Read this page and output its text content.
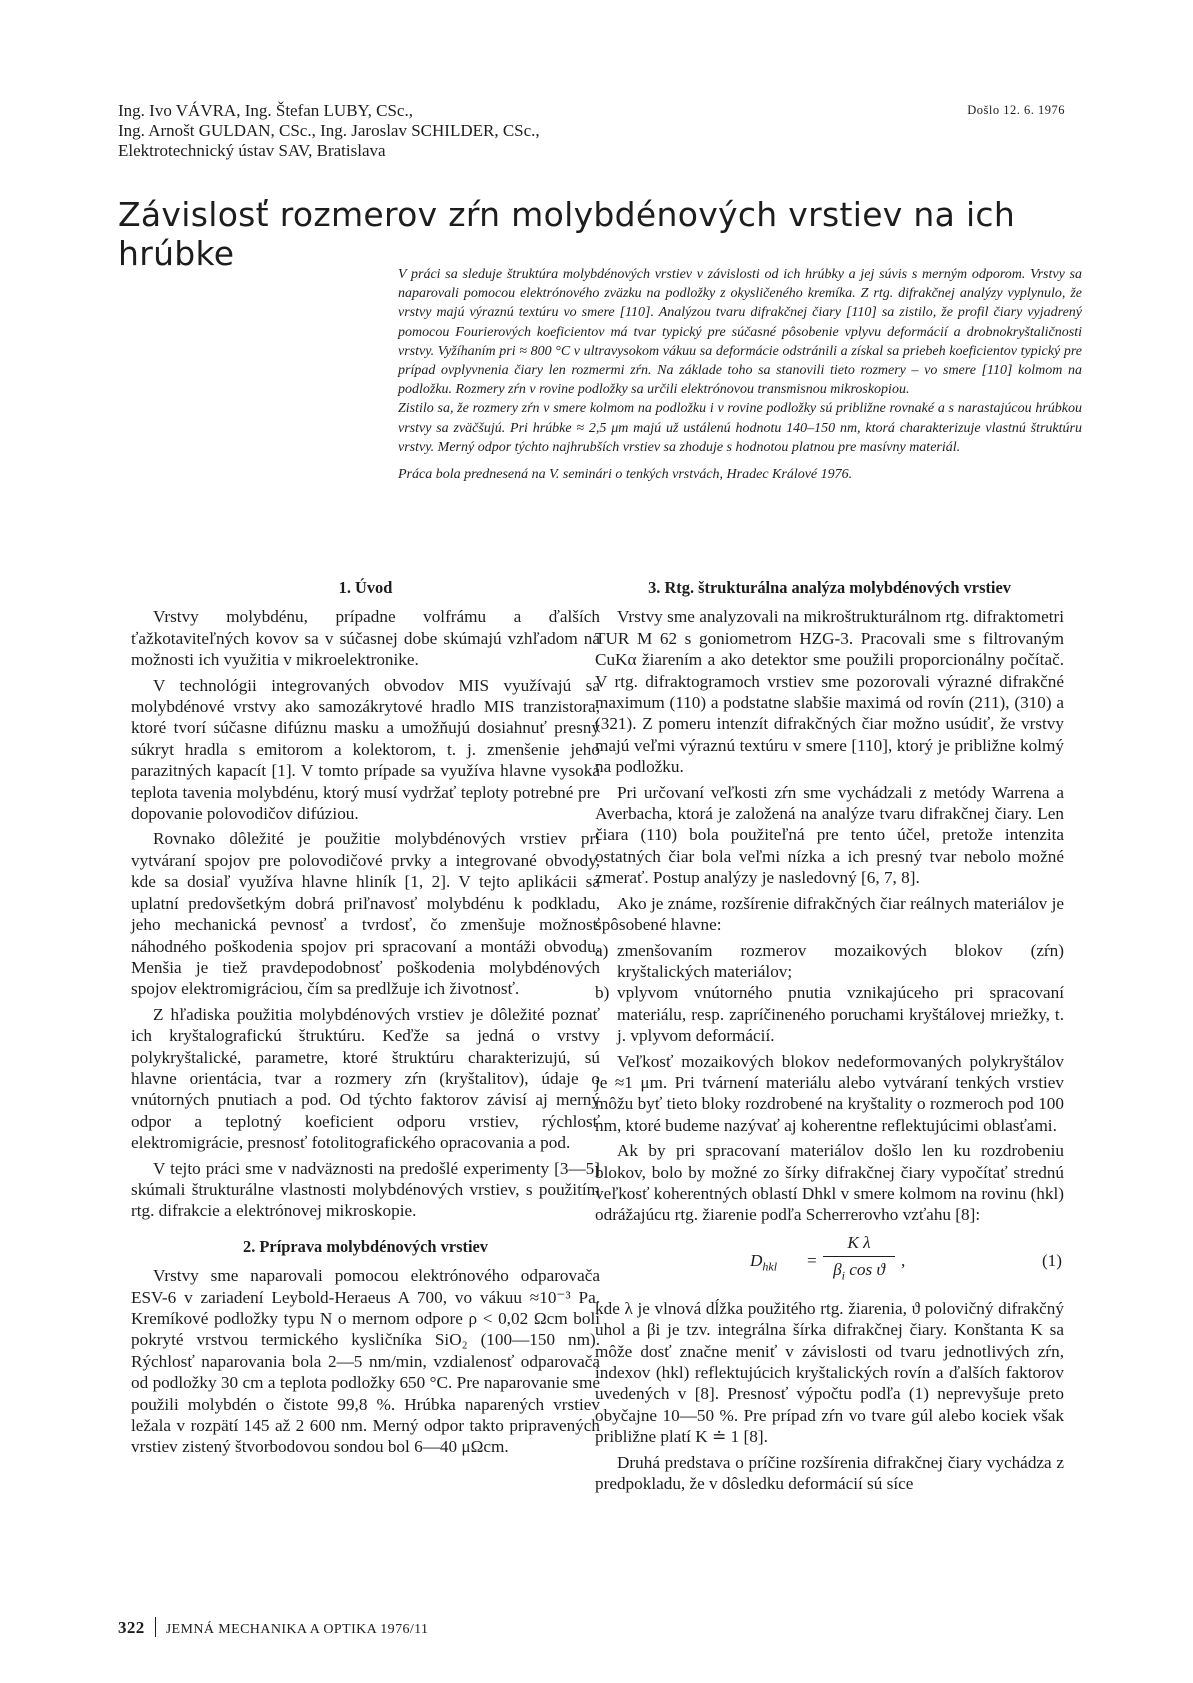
Ing. Ivo VÁVRA, Ing. Štefan LUBY, CSc.,
Ing. Arnošt GULDAN, CSc., Ing. Jaroslav SCHILDER, CSc.,
Elektrotechnický ústav SAV, Bratislava
Došlo 12. 6. 1976
Závislosť rozmerov zŕn molybdénových vrstiev na ich hrúbke

V práci sa sleduje štruktúra molybdénových vrstiev v závislosti od ich hrúbky a jej súvis s merným odporom. Vrstvy sa naparovali pomocou elektrónového zväzku na podložky z okysličeného kremíka. Z rtg. difrakčnej analýzy vyplynulo, že vrstvy majú výraznú textúru vo smere [110]. Analýzou tvaru difrakčnej čiary [110] sa zistilo, že profil čiary vyjadrený pomocou Fourierových koeficientov má tvar typický pre súčasné pôsobenie vplyvu deformácií a drobnokryštaličnosti vrstvy. Vyžíhaním pri ≈ 800 °C v ultravysokom vákuu sa deformácie odstránili a získal sa priebeh koeficientov typický pre prípad ovplyvnenia čiary len rozmermi zŕn. Na základe toho sa stanovili tieto rozmery – vo smere [110] kolmom na podložku. Rozmery zŕn v rovine podložky sa určili elektrónovou transmisnou mikroskopiou.

Zistilo sa, že rozmery zŕn v smere kolmom na podložku i v rovine podložky sú približne rovnaké a s narastajúcou hrúbkou vrstvy sa zväčšujú. Pri hrúbke ≈ 2,5 μm majú už ustálenú hodnotu 140–150 nm, ktorá charakterizuje vlastnú štruktúru vrstvy. Merný odpor týchto najhrubších vrstiev sa zhoduje s hodnotou platnou pre masívny materiál.

Práca bola prednesená na V. seminári o tenkých vrstvách, Hradec Králové 1976.

1. Úvod

Vrstvy molybdénu, prípadne volfrámu a ďalších ťažkotaviteľných kovov sa v súčasnej dobe skúmajú vzhľadom na možnosti ich využitia v mikroelektronike.

V technológii integrovaných obvodov MIS využívajú sa molybdénové vrstvy ako samozákrytové hradlo MIS tranzistora, ktoré tvorí súčasne difúznu masku a umožňujú dosiahnuť presný súkryt hradla s emitorom a kolektorom, t. j. zmenšenie jeho parazitných kapacít [1]. V tomto prípade sa využíva hlavne vysoká teplota tavenia molybdénu, ktorý musí vydržať teploty potrebné pre dopovanie polovodičov difúziou.

Rovnako dôležité je použitie molybdénových vrstiev pri vytváraní spojov pre polovodičové prvky a integrované obvody, kde sa dosiaľ využíva hlavne hliník [1, 2]. V tejto aplikácii sa uplatní predovšetkým dobrá priľnavosť molybdénu k podkladu, jeho mechanická pevnosť a tvrdosť, čo zmenšuje možnosť náhodného poškodenia spojov pri spracovaní a montáži obvodu. Menšia je tiež pravdepodobnosť poškodenia molybdénových spojov elektromigráciou, čím sa predlžuje ich životnosť.

Z hľadiska použitia molybdénových vrstiev je dôležité poznať ich kryštalografickú štruktúru. Keďže sa jedná o vrstvy polykryštalické, parametre, ktoré štruktúru charakterizujú, sú hlavne orientácia, tvar a rozmery zŕn (kryštalitov), údaje o vnútorných pnutiach a pod. Od týchto faktorov závisí aj merný odpor a teplotný koeficient odporu vrstiev, rýchlosť elektromigrácie, presnosť fotolitografického opracovania a pod.

V tejto práci sme v nadväznosti na predošlé experimenty [3—5] skúmali štrukturálne vlastnosti molybdénových vrstiev, s použitím rtg. difrakcie a elektrónovej mikroskopie.

2. Príprava molybdénových vrstiev

Vrstvy sme naparovali pomocou elektrónového odparovača ESV-6 v zariadení Leybold-Heraeus A 700, vo vákuu ≈10⁻³ Pa. Kremíkové podložky typu N o mernom odpore ρ < 0,02 Ωcm boli pokryté vrstvou termického kysličníka SiO₂ (100—150 nm). Rýchlosť naparovania bola 2—5 nm/min, vzdialenosť odparovača od podložky 30 cm a teplota podložky 650 °C. Pre naparovanie sme použili molybdén o čistote 99,8 %. Hrúbka naparených vrstiev ležala v rozpätí 145 až 2 600 nm. Merný odpor takto pripravených vrstiev zistený štvorbodovou sondou bol 6—40 μΩcm.

3. Rtg. štrukturálna analýza molybdénových vrstiev

Vrstvy sme analyzovali na mikroštrukturálnom rtg. difraktometri TUR M 62 s goniometrom HZG-3. Pracovali sme s filtrovaným CuKα žiarením a ako detektor sme použili proporcionálny počítač. V rtg. difraktogramoch vrstiev sme pozorovali výrazné difrakčné maximum (110) a podstatne slabšie maximá od rovín (211), (310) a (321). Z pomeru intenzít difrakčných čiar možno usúdiť, že vrstvy majú veľmi výraznú textúru v smere [110], ktorý je približne kolmý na podložku.

Pri určovaní veľkosti zŕn sme vychádzali z metódy Warrena a Averbacha, ktorá je založená na analýze tvaru difrakčnej čiary. Len čiara (110) bola použiteľná pre tento účel, pretože intenzita ostatných čiar bola veľmi nízka a ich presný tvar nebolo možné zmerať. Postup analýzy je nasledovný [6, 7, 8].

Ako je známe, rozšírenie difrakčných čiar reálnych materiálov je spôsobené hlavne:

a) zmenšovaním rozmerov mozaikových blokov (zŕn) kryštalických materiálov;
b) vplyvom vnútorného pnutia vznikajúceho pri spracovaní materiálu, resp. zapríčineného poruchami kryštálovej mriežky, t. j. vplyvom deformácií.

Veľkosť mozaikových blokov nedeformovaných polykryštálov je ≈1 μm. Pri tvárnení materiálu alebo vytváraní tenkých vrstiev môžu byť tieto bloky rozdrobené na kryštality o rozmeroch pod 100 nm, ktoré budeme nazývať aj koherentne reflektujúcimi oblasťami.

Ak by pri spracovaní materiálov došlo len ku rozdrobeniu blokov, bolo by možné zo šírky difrakčnej čiary vypočítať strednú veľkosť koherentných oblastí Dhkl v smere kolmom na rovinu (hkl) odrážajúcu rtg. žiarenie podľa Scherrerovho vzťahu [8]:

$D_{hkl}$ =
K λ
$\beta_i$ cos ϑ ,	(1)

kde λ je vlnová dĺžka použitého rtg. žiarenia, ϑ polovičný difrakčný uhol a βi je tzv. integrálna šírka difrakčnej čiary. Konštanta K sa môže dosť značne meniť v závislosti od tvaru jednotlivých zŕn, indexov (hkl) reflektujúcich kryštalických rovín a ďalších faktorov uvedených v [8]. Presnosť výpočtu podľa (1) neprevyšuje preto obyčajne 10—50 %. Pre prípad zŕn vo tvare gúl alebo kociek však približne platí K ≐ 1 [8].

Druhá predstava o príčine rozšírenia difrakčnej čiary vychádza z predpokladu, že v dôsledku deformácií sú síce

322 JEMNÁ MECHANIKA A OPTIKA 1976/11
